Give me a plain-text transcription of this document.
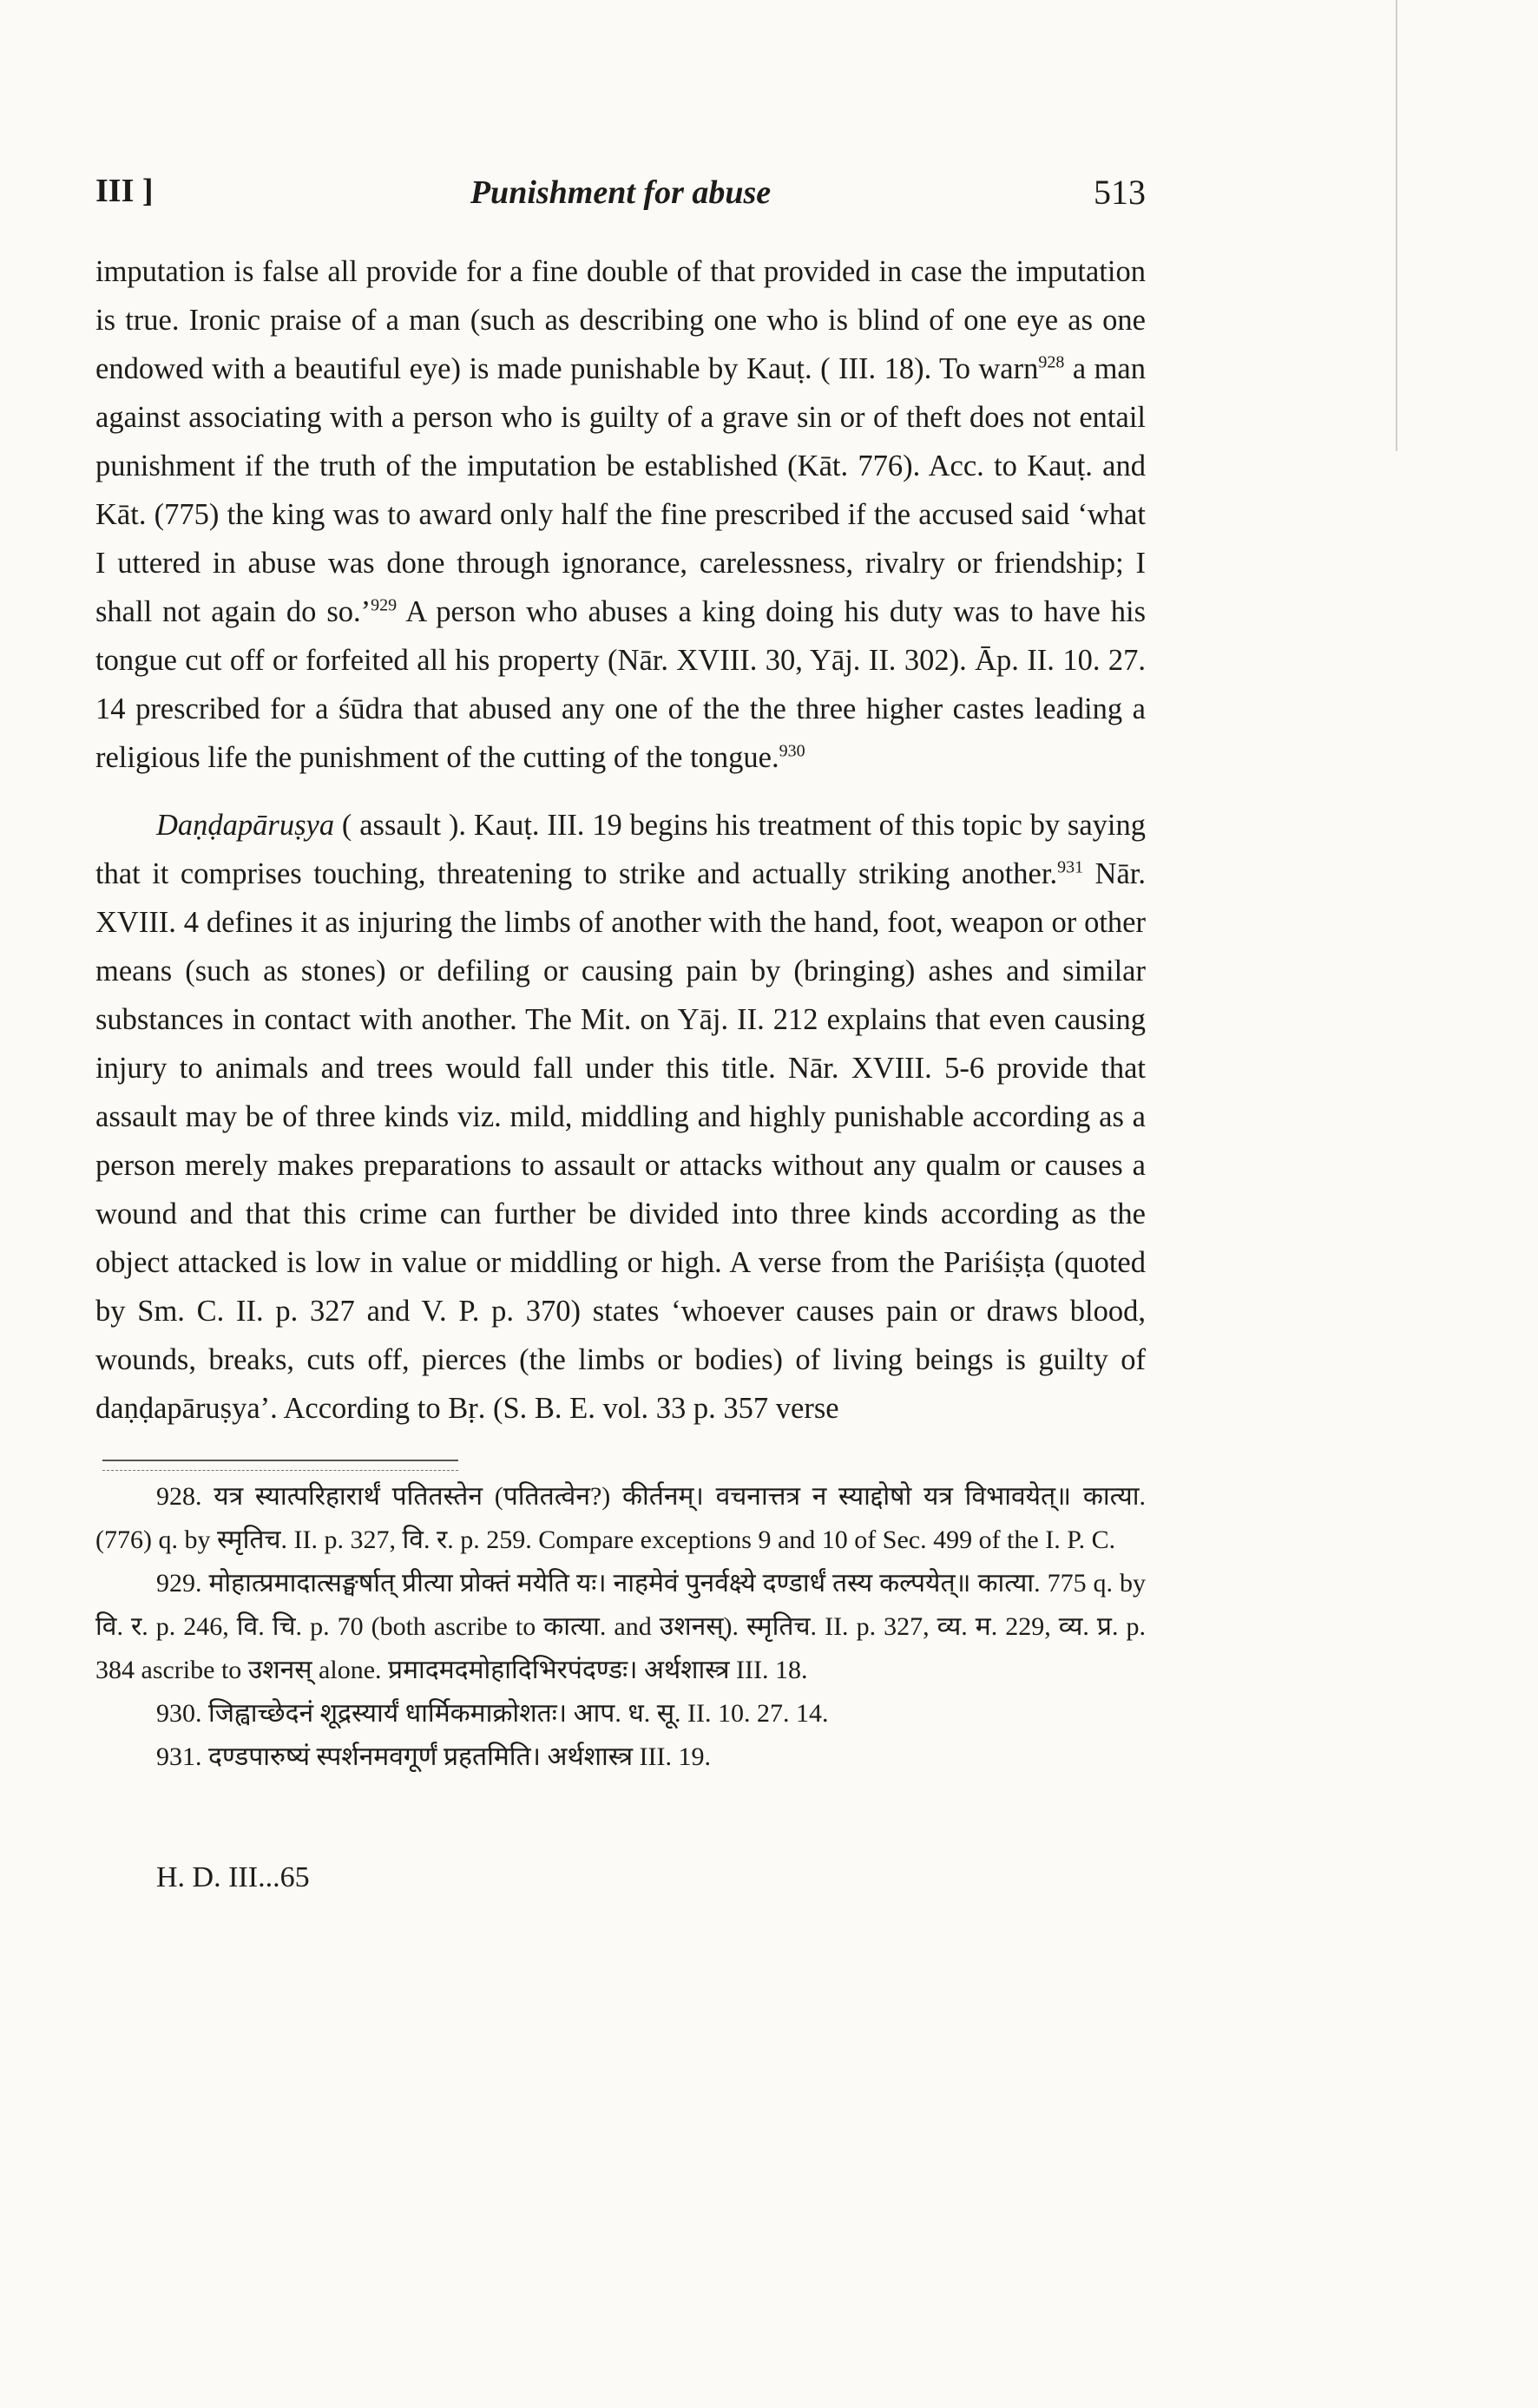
III ]	Punishment for abuse	513

imputation is false all provide for a fine double of that provided in case the imputation is true. Ironic praise of a man (such as describing one who is blind of one eye as one endowed with a beautiful eye) is made punishable by Kauṭ. ( III. 18). To warn$^{928}$ a man against associating with a person who is guilty of a grave sin or of theft does not entail punishment if the truth of the imputation be established (Kāt. 776). Acc. to Kauṭ. and Kāt. (775) the king was to award only half the fine prescribed if the accused said ‘what I uttered in abuse was done through ignorance, carelessness, rivalry or friendship; I shall not again do so.’$^{929}$ A person who abuses a king doing his duty was to have his tongue cut off or forfeited all his property (Nār. XVIII. 30, Yāj. II. 302). Āp. II. 10. 27. 14 prescribed for a śūdra that abused any one of the the three higher castes leading a religious life the punishment of the cutting of the tongue.$^{930}$

Daṇḍapāruṣya ( assault ). Kauṭ. III. 19 begins his treatment of this topic by saying that it comprises touching, threatening to strike and actually striking another.$^{931}$ Nār. XVIII. 4 defines it as injuring the limbs of another with the hand, foot, weapon or other means (such as stones) or defiling or causing pain by (bringing) ashes and similar substances in contact with another. The Mit. on Yāj. II. 212 explains that even causing injury to animals and trees would fall under this title. Nār. XVIII. 5-6 provide that assault may be of three kinds viz. mild, middling and highly punishable according as a person merely makes preparations to assault or attacks without any qualm or causes a wound and that this crime can further be divided into three kinds according as the object attacked is low in value or middling or high. A verse from the Pariśiṣṭa (quoted by Sm. C. II. p. 327 and V. P. p. 370) states ‘whoever causes pain or draws blood, wounds, breaks, cuts off, pierces (the limbs or bodies) of living beings is guilty of daṇḍapāruṣya’. According to Bṛ. (S. B. E. vol. 33 p. 357 verse

928. यत्र स्यात्परिहारार्थं पतितस्तेन (पतितत्वेन?) कीर्तनम्। वचनात्तत्र न स्याद्दोषो यत्र विभावयेत्॥ कात्या. (776) q. by स्मृतिच. II. p. 327, वि. र. p. 259. Compare exceptions 9 and 10 of Sec. 499 of the I. P. C.

929. मोहात्प्रमादात्सङ्घर्षात् प्रीत्या प्रोक्तं मयेति यः। नाहमेवं पुनर्वक्ष्ये दण्डार्धं तस्य कल्पयेत्॥ कात्या. 775 q. by वि. र. p. 246, वि. चि. p. 70 (both ascribe to कात्या. and उशनस्). स्मृतिच. II. p. 327, व्य. म. 229, व्य. प्र. p. 384 ascribe to उशनस् alone. प्रमादमदमोहादिभिरपंदण्डः। अर्थशास्त्र III. 18.

930. जिह्वाच्छेदनं शूद्रस्यार्यं धार्मिकमाक्रोशतः। आप. ध. सू. II. 10. 27. 14.

931. दण्डपारुष्यं स्पर्शनमवगूर्णं प्रहतमिति। अर्थशास्त्र III. 19.

H. D. III...65
